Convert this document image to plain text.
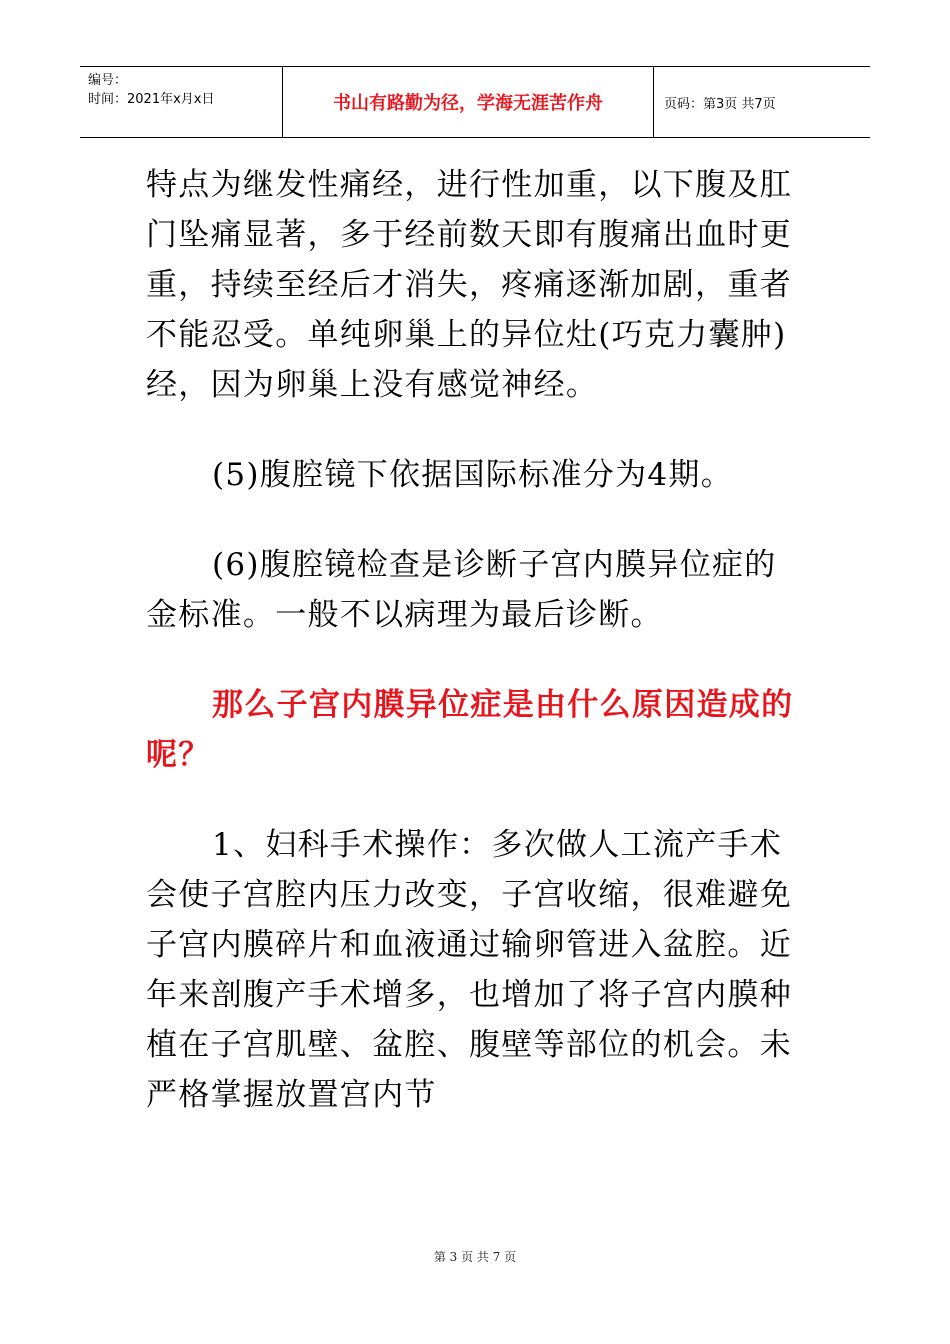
编号：
时间：2021年x月x日	书山有路勤为径，学海无涯苦作舟	页码：第3页 共7页

特点为继发性痛经，进行性加重，以下腹及肛门坠痛显著，多于经前数天即有腹痛出血时更重，持续至经后才消失，疼痛逐渐加剧，重者不能忍受。单纯卵巢上的异位灶(巧克力囊肿)经，因为卵巢上没有感觉神经。

(5)腹腔镜下依据国际标准分为4期。

(6)腹腔镜检查是诊断子宫内膜异位症的金标准。一般不以病理为最后诊断。

那么子宫内膜异位症是由什么原因造成的呢？

1、妇科手术操作：多次做人工流产手术会使子宫腔内压力改变，子宫收缩，很难避免子宫内膜碎片和血液通过输卵管进入盆腔。近年来剖腹产手术增多，也增加了将子宫内膜种植在子宫肌壁、盆腔、腹壁等部位的机会。未严格掌握放置宫内节

第 3 页 共 7 页
